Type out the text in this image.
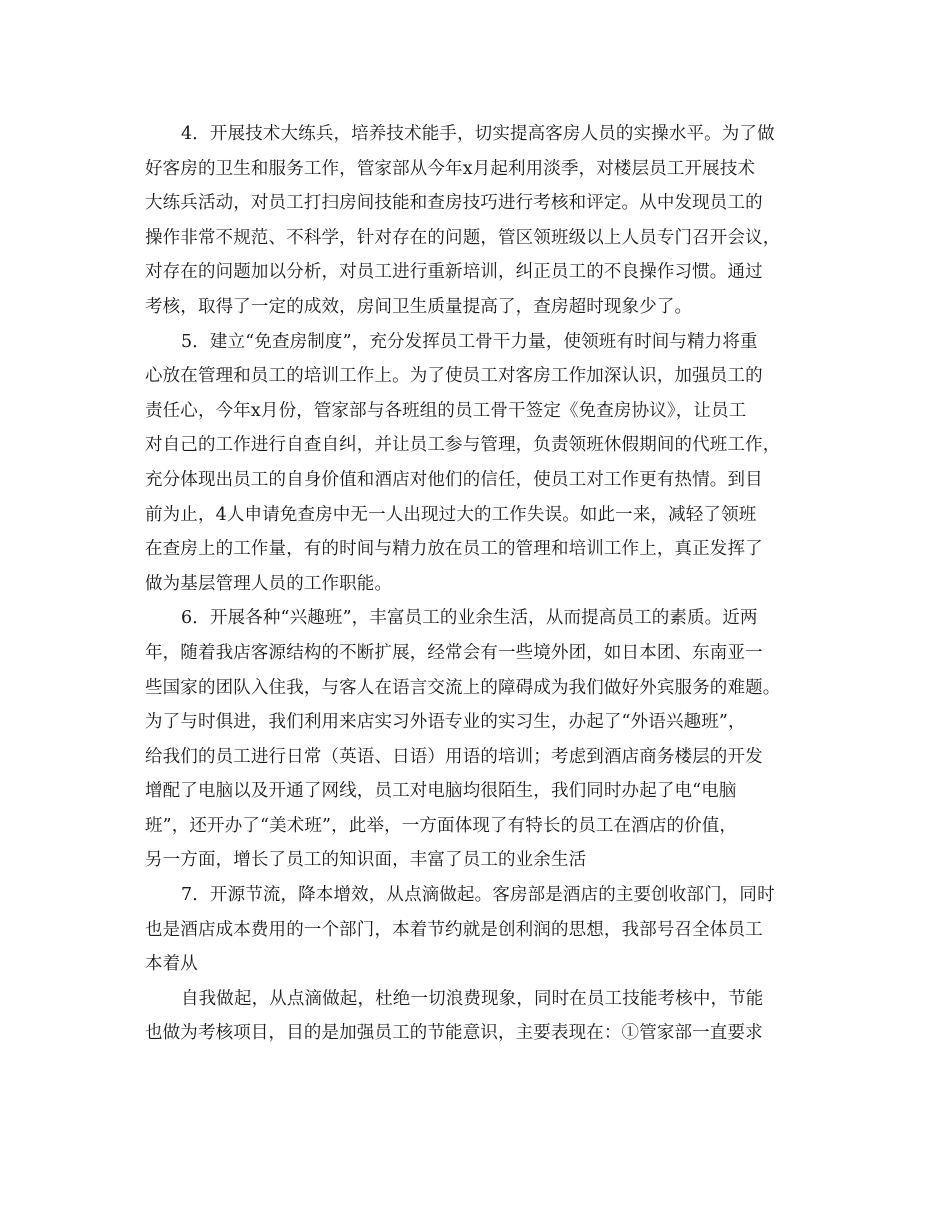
4．开展技术大练兵，培养技术能手，切实提高客房人员的实操水平。为了做
好客房的卫生和服务工作，管家部从今年x月起利用淡季，对楼层员工开展技术
大练兵活动，对员工打扫房间技能和查房技巧进行考核和评定。从中发现员工的
操作非常不规范、不科学，针对存在的问题，管区领班级以上人员专门召开会议，
对存在的问题加以分析，对员工进行重新培训，纠正员工的不良操作习惯。通过
考核，取得了一定的成效，房间卫生质量提高了，查房超时现象少了。
5．建立“免查房制度”，充分发挥员工骨干力量，使领班有时间与精力将重
心放在管理和员工的培训工作上。为了使员工对客房工作加深认识，加强员工的
责任心，今年x月份，管家部与各班组的员工骨干签定《免查房协议》，让员工
对自己的工作进行自查自纠，并让员工参与管理，负责领班休假期间的代班工作，
充分体现出员工的自身价值和酒店对他们的信任，使员工对工作更有热情。到目
前为止，4人申请免查房中无一人出现过大的工作失误。如此一来，减轻了领班
在查房上的工作量，有的时间与精力放在员工的管理和培训工作上，真正发挥了
做为基层管理人员的工作职能。
6．开展各种“兴趣班”，丰富员工的业余生活，从而提高员工的素质。近两
年，随着我店客源结构的不断扩展，经常会有一些境外团，如日本团、东南亚一
些国家的团队入住我，与客人在语言交流上的障碍成为我们做好外宾服务的难题。
为了与时俱进，我们利用来店实习外语专业的实习生，办起了“外语兴趣班”，
给我们的员工进行日常（英语、日语）用语的培训；考虑到酒店商务楼层的开发
增配了电脑以及开通了网线，员工对电脑均很陌生，我们同时办起了电“电脑
班”，还开办了“美术班”，此举，一方面体现了有特长的员工在酒店的价值，
另一方面，增长了员工的知识面，丰富了员工的业余生活
7．开源节流，降本增效，从点滴做起。客房部是酒店的主要创收部门，同时
也是酒店成本费用的一个部门，本着节约就是创利润的思想，我部号召全体员工
本着从
自我做起，从点滴做起，杜绝一切浪费现象，同时在员工技能考核中，节能
也做为考核项目，目的是加强员工的节能意识，主要表现在：①管家部一直要求
